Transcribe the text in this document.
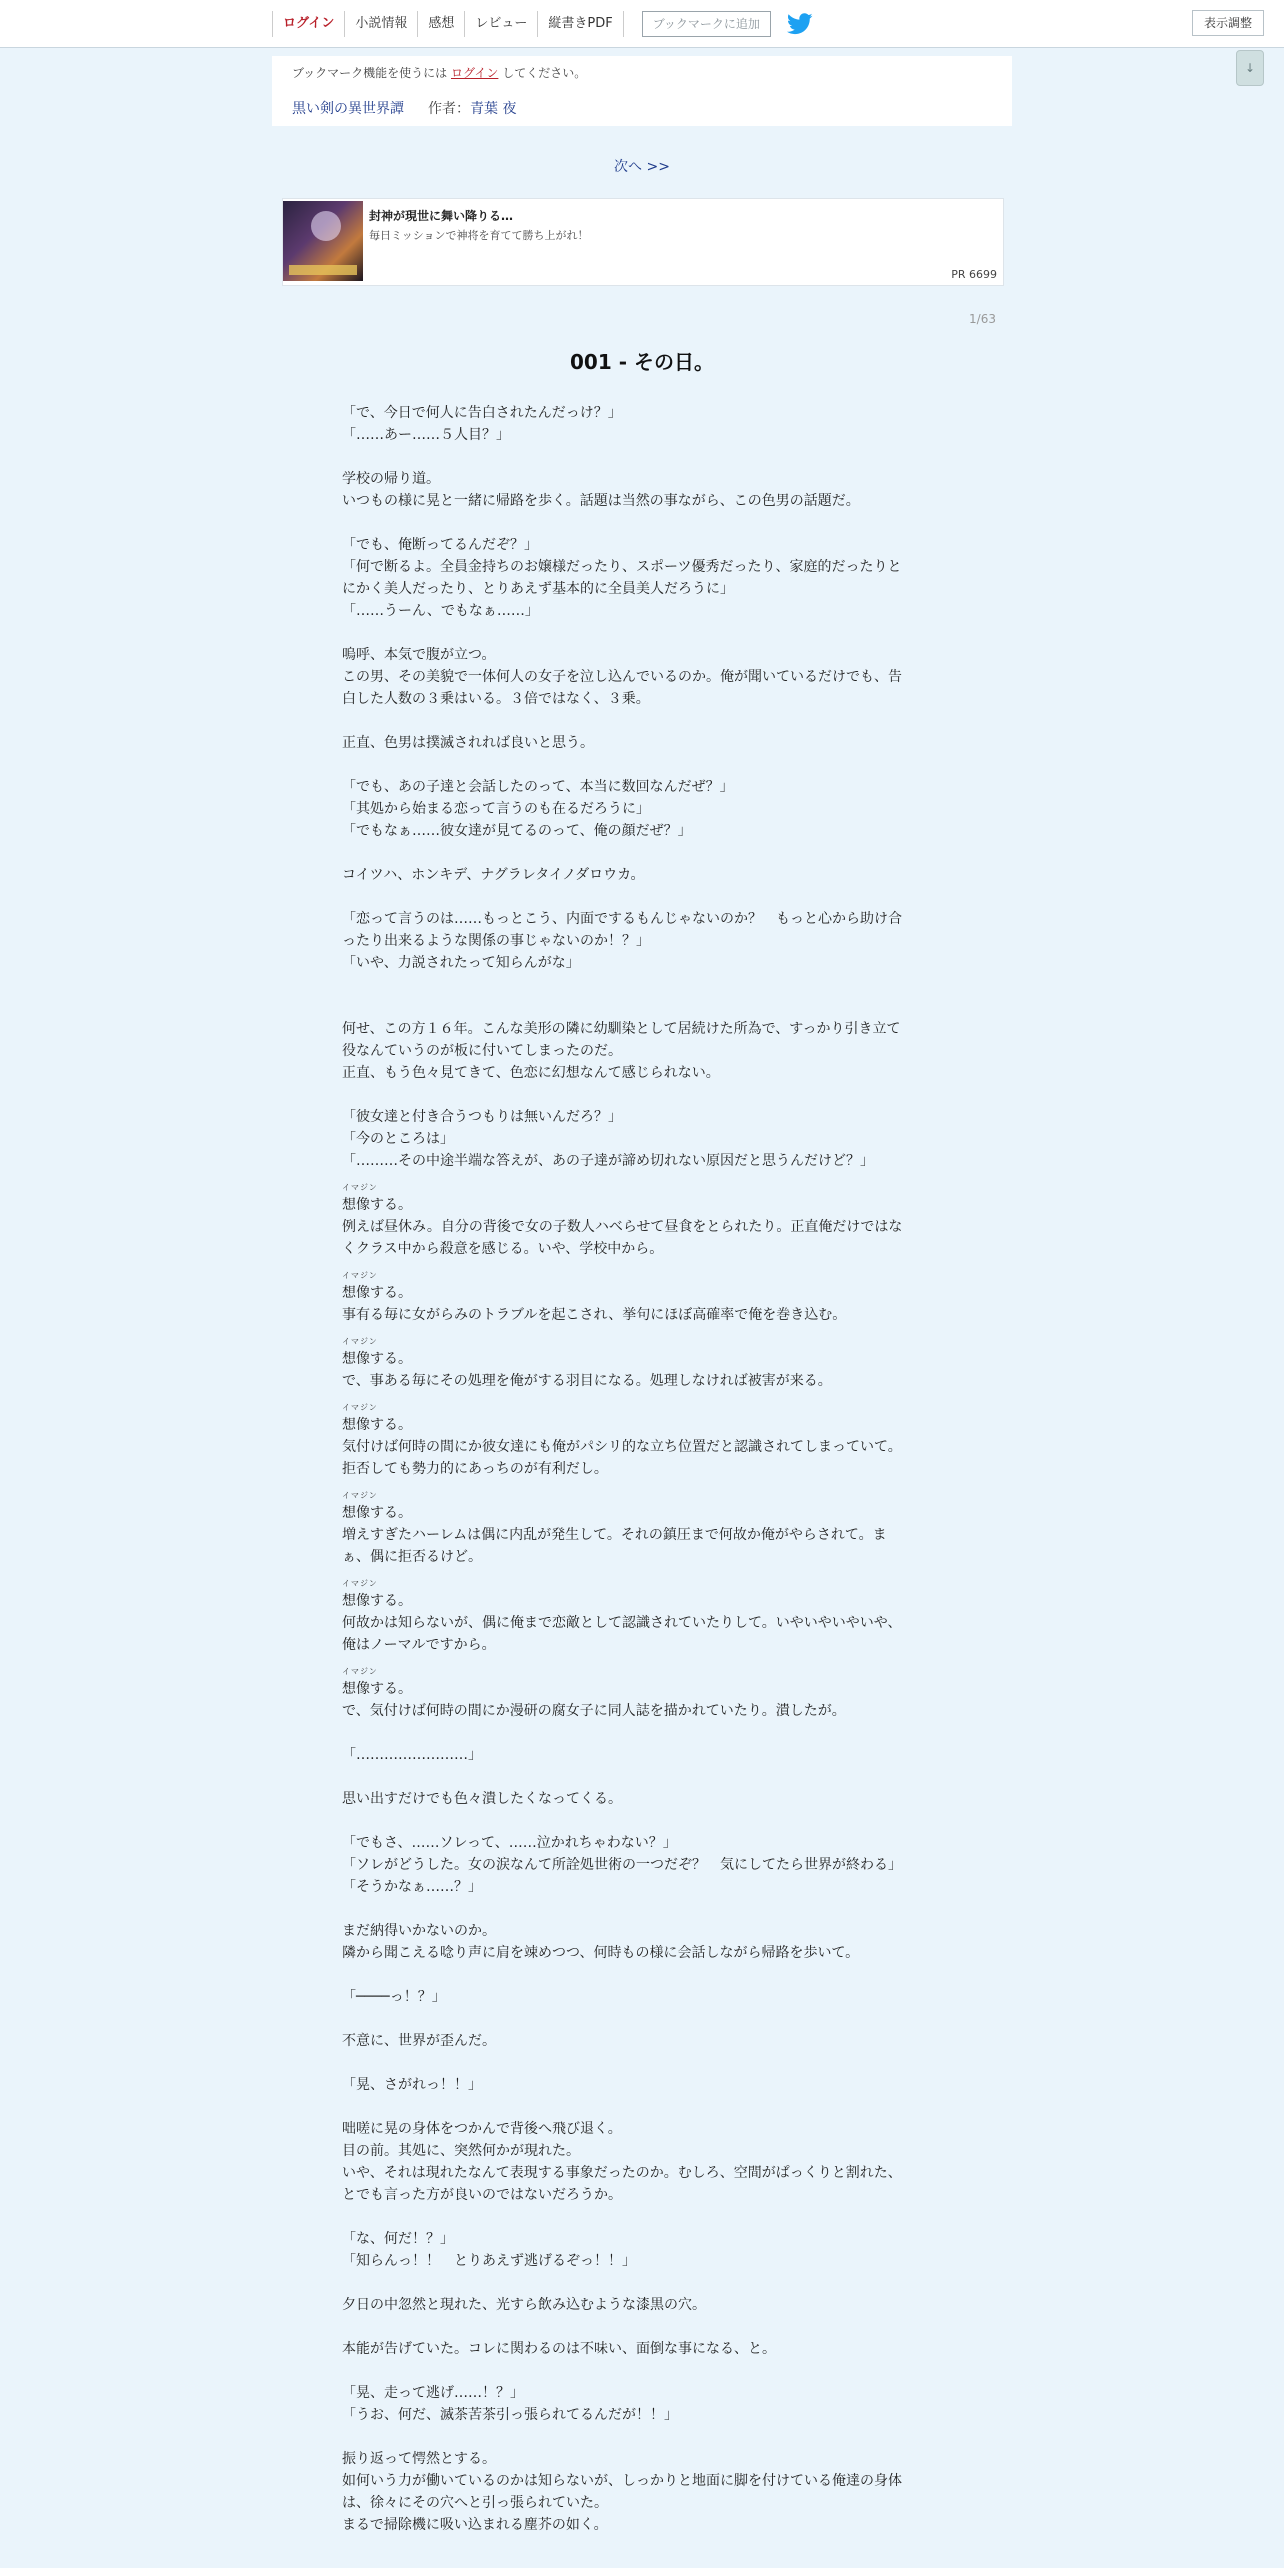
ログイン	小説情報	感想	レビュー	縦書きPDF	ブックマークに追加	表示調整
↓
ブックマーク機能を使うには ログイン してください。
黒い剣の異世界譚 作者：青葉 夜
次へ >>
封神が現世に舞い降りる…
毎日ミッションで神将を育てて勝ち上がれ！
PR 6699
1/63
001 - その日。

「で、今日で何人に告白されたんだっけ？」

「……あー……５人目？」

学校の帰り道。

いつもの様に晃と一緒に帰路を歩く。話題は当然の事ながら、この色男の話題だ。

「でも、俺断ってるんだぞ？」

「何で断るよ。全員金持ちのお嬢様だったり、スポーツ優秀だったり、家庭的だったりと

にかく美人だったり、とりあえず基本的に全員美人だろうに」

「……うーん、でもなぁ……」

嗚呼、本気で腹が立つ。

この男、その美貌で一体何人の女子を泣し込んでいるのか。俺が聞いているだけでも、告

白した人数の３乗はいる。３倍ではなく、３乗。

正直、色男は撲滅されれば良いと思う。

「でも、あの子達と会話したのって、本当に数回なんだぜ？」

「其処から始まる恋って言うのも在るだろうに」

「でもなぁ……彼女達が見てるのって、俺の顔だぜ？」

コイツハ、ホンキデ、ナグラレタイノダロウカ。

「恋って言うのは……もっとこう、内面でするもんじゃないのか？　もっと心から助け合

ったり出来るような関係の事じゃないのか！？」

「いや、力説されたって知らんがな」

何せ、この方１６年。こんな美形の隣に幼馴染として居続けた所為で、すっかり引き立て

役なんていうのが板に付いてしまったのだ。

正直、もう色々見てきて、色恋に幻想なんて感じられない。

「彼女達と付き合うつもりは無いんだろ？」

「今のところは」

「………その中途半端な答えが、あの子達が諦め切れない原因だと思うんだけど？」

イマジン
想像する。

例えば昼休み。自分の背後で女の子数人ハベらせて昼食をとられたり。正直俺だけではな

くクラス中から殺意を感じる。いや、学校中から。

イマジン
想像する。

事有る毎に女がらみのトラブルを起こされ、挙句にほぼ高確率で俺を巻き込む。

イマジン
想像する。

で、事ある毎にその処理を俺がする羽目になる。処理しなければ被害が来る。

イマジン
想像する。

気付けば何時の間にか彼女達にも俺がパシリ的な立ち位置だと認識されてしまっていて。

拒否しても勢力的にあっちのが有利だし。

イマジン
想像する。

増えすぎたハーレムは偶に内乱が発生して。それの鎮圧まで何故か俺がやらされて。ま

ぁ、偶に拒否るけど。

イマジン
想像する。

何故かは知らないが、偶に俺まで恋敵として認識されていたりして。いやいやいやいや、

俺はノーマルですから。

イマジン
想像する。

で、気付けば何時の間にか漫研の腐女子に同人誌を描かれていたり。潰したが。

「……………………」

思い出すだけでも色々潰したくなってくる。

「でもさ、……ソレって、……泣かれちゃわない？」

「ソレがどうした。女の涙なんて所詮処世術の一つだぞ？　気にしてたら世界が終わる」

「そうかなぁ……？」

まだ納得いかないのか。

隣から聞こえる唸り声に肩を竦めつつ、何時もの様に会話しながら帰路を歩いて。

「────っ！？」

不意に、世界が歪んだ。

「晃、さがれっ！！」

咄嗟に晃の身体をつかんで背後へ飛び退く。

目の前。其処に、突然何かが現れた。

いや、それは現れたなんて表現する事象だったのか。むしろ、空間がぱっくりと割れた、

とでも言った方が良いのではないだろうか。

「な、何だ！？」

「知らんっ！！　とりあえず逃げるぞっ！！」

夕日の中忽然と現れた、光すら飲み込むような漆黒の穴。

本能が告げていた。コレに関わるのは不味い、面倒な事になる、と。

「晃、走って逃げ……！？」

「うお、何だ、滅茶苦茶引っ張られてるんだが！！」

振り返って愕然とする。

如何いう力が働いているのかは知らないが、しっかりと地面に脚を付けている俺達の身体

は、徐々にその穴へと引っ張られていた。

まるで掃除機に吸い込まれる塵芥の如く。
